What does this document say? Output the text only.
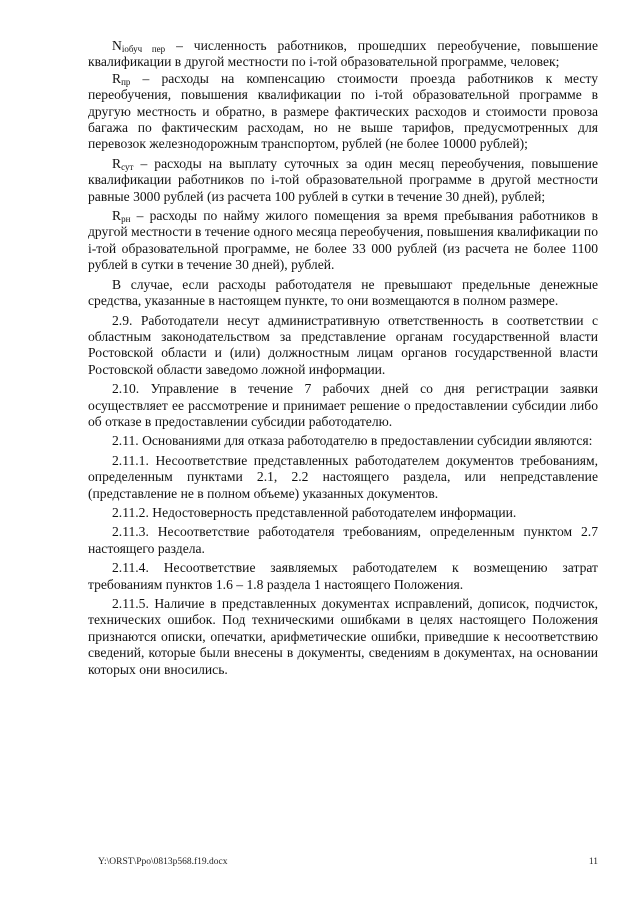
$N_{iобуч пер}$ – численность работников, прошедших переобучение, повышение квалификации в другой местности по i-той образовательной программе, человек;

$R_{пр}$ – расходы на компенсацию стоимости проезда работников к месту переобучения, повышения квалификации по i-той образовательной программе в другую местность и обратно, в размере фактических расходов и стоимости провоза багажа по фактическим расходам, но не выше тарифов, предусмотренных для перевозок железнодорожным транспортом, рублей (не более 10000 рублей);

$R_{сут}$ – расходы на выплату суточных за один месяц переобучения, повышение квалификации работников по i-той образовательной программе в другой местности равные 3000 рублей (из расчета 100 рублей в сутки в течение 30 дней), рублей;

$R_{рн}$ – расходы по найму жилого помещения за время пребывания работников в другой местности в течение одного месяца переобучения, повышения квалификации по i-той образовательной программе, не более 33 000 рублей (из расчета не более 1100 рублей в сутки в течение 30 дней), рублей.

В случае, если расходы работодателя не превышают предельные денежные средства, указанные в настоящем пункте, то они возмещаются в полном размере.

2.9. Работодатели несут административную ответственность в соответствии с областным законодательством за представление органам государственной власти Ростовской области и (или) должностным лицам органов государственной власти Ростовской области заведомо ложной информации.

2.10. Управление в течение 7 рабочих дней со дня регистрации заявки осуществляет ее рассмотрение и принимает решение о предоставлении субсидии либо об отказе в предоставлении субсидии работодателю.

2.11. Основаниями для отказа работодателю в предоставлении субсидии являются:

2.11.1. Несоответствие представленных работодателем документов требованиям, определенным пунктами 2.1, 2.2 настоящего раздела, или непредставление (представление не в полном объеме) указанных документов.

2.11.2. Недостоверность представленной работодателем информации.

2.11.3. Несоответствие работодателя требованиям, определенным пунктом 2.7 настоящего раздела.

2.11.4. Несоответствие заявляемых работодателем к возмещению затрат требованиям пунктов 1.6 – 1.8 раздела 1 настоящего Положения.

2.11.5. Наличие в представленных документах исправлений, дописок, подчисток, технических ошибок. Под техническими ошибками в целях настоящего Положения признаются описки, опечатки, арифметические ошибки, приведшие к несоответствию сведений, которые были внесены в документы, сведениям в документах, на основании которых они вносились.

Y:\ORST\Ppo\0813p568.f19.docx	11
